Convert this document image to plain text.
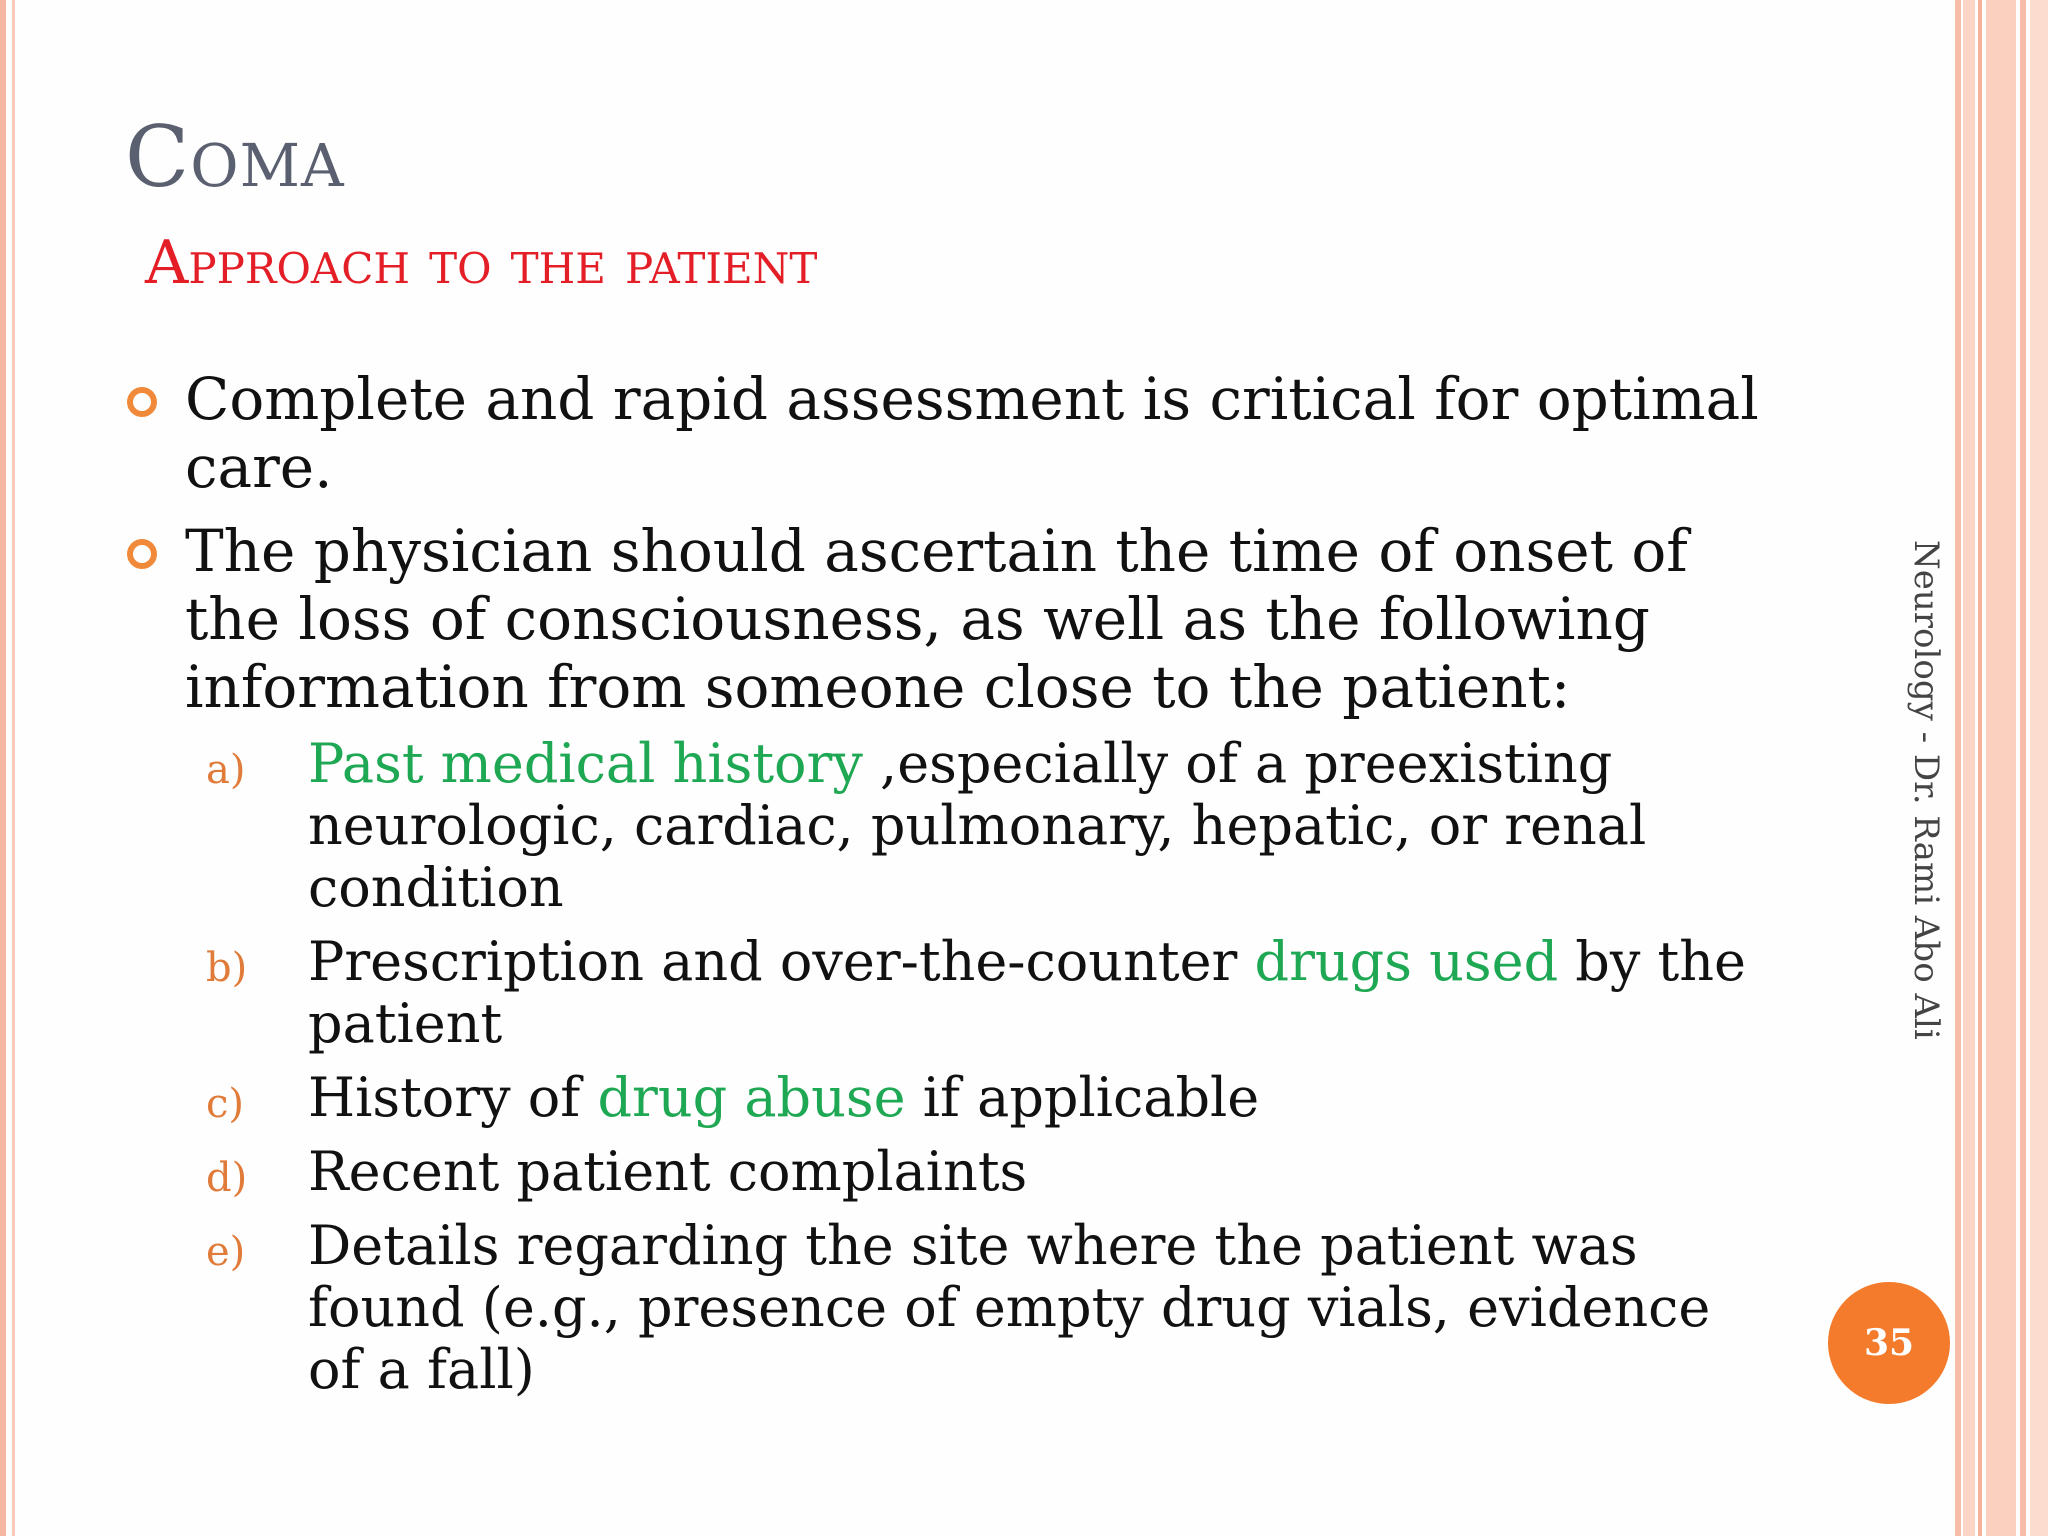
Coma
Approach to the patient
Complete and rapid assessment is critical for optimal care.
The physician should ascertain the time of onset of the loss of consciousness, as well as the following information from someone close to the patient:
a) Past medical history ,especially of a preexisting neurologic, cardiac, pulmonary, hepatic, or renal condition
b) Prescription and over-the-counter drugs used by the patient
c) History of drug abuse if applicable
d) Recent patient complaints
e) Details regarding the site where the patient was found (e.g., presence of empty drug vials, evidence of a fall)
Neurology - Dr. Rami Abo Ali
35
